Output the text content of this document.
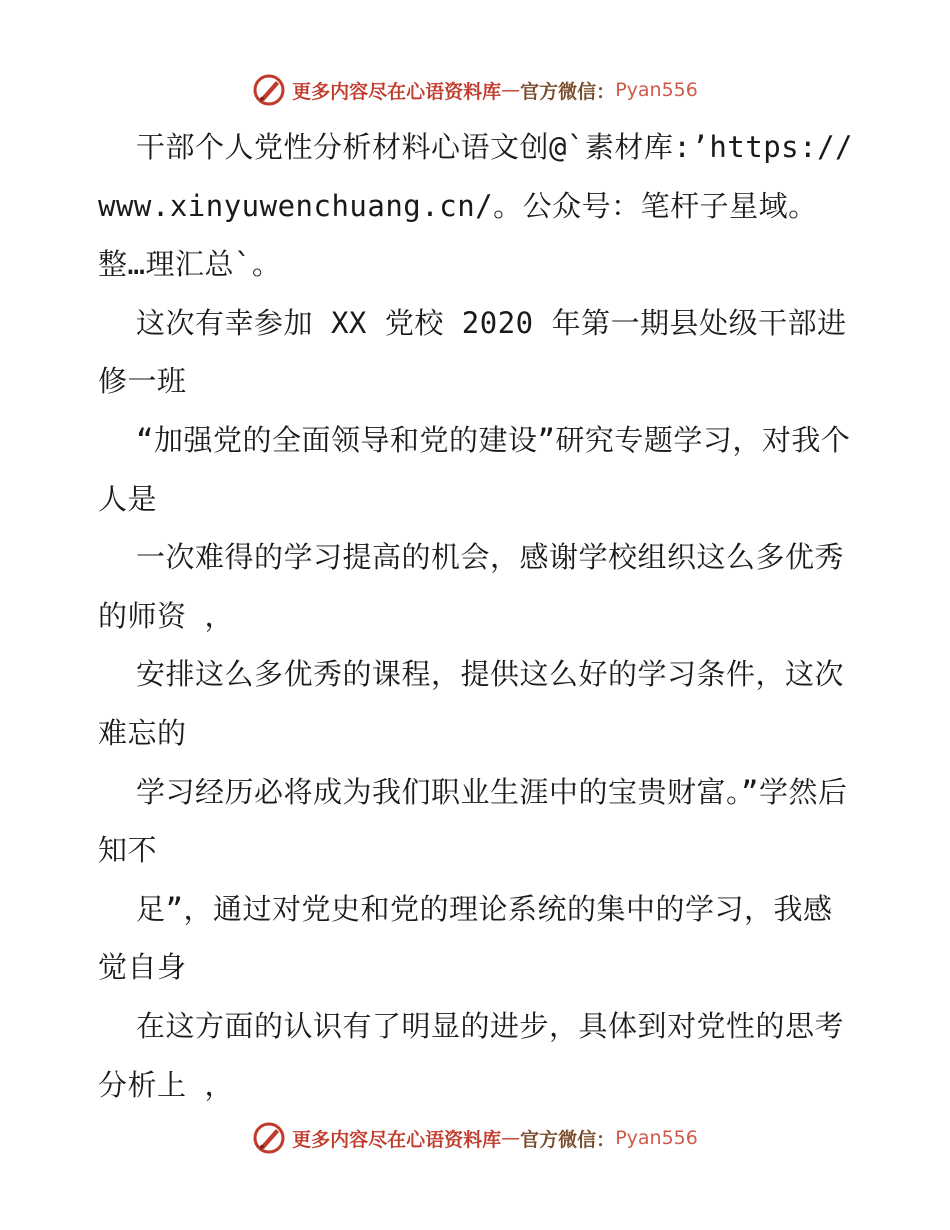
更多内容尽在心语资料库 — 官方微信： Pyan556

干部个人党性分析材料心语文创@`素材库:’https://www.xinyuwenchuang.cn/。公众号：笔杆子星域。整…理汇总`。

这次有幸参加 XX 党校 2020 年第一期县处级干部进修一班

“加强党的全面领导和党的建设”研究专题学习，对我个人是

一次难得的学习提高的机会，感谢学校组织这么多优秀的师资 ，

安排这么多优秀的课程，提供这么好的学习条件，这次难忘的

学习经历必将成为我们职业生涯中的宝贵财富。”学然后知不

足”，通过对党史和党的理论系统的集中的学习，我感觉自身

在这方面的认识有了明显的进步，具体到对党性的思考分析上 ，

更多内容尽在心语资料库 — 官方微信： Pyan556
